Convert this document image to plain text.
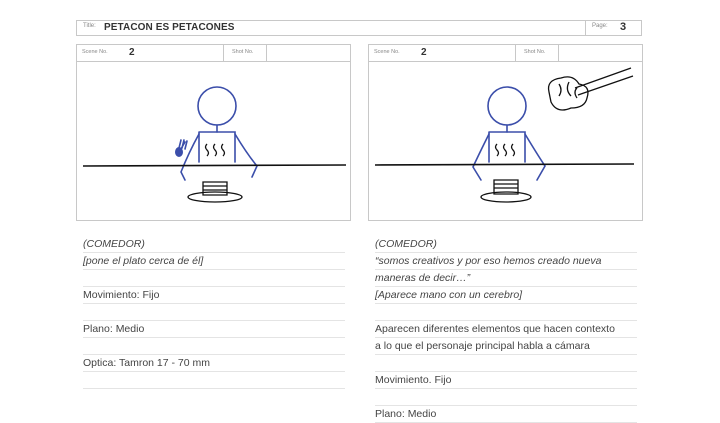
Title: PETACON ES PETACONES	Page: 3
Scene No. 2	Shot No.	Scene No. 2	Shot No.
(COMEDOR)
[pone el plato cerca de él]
Movimiento: Fijo
Plano: Medio
Optica: Tamron 17 - 70 mm
(COMEDOR)
“somos creativos y por eso hemos creado nueva
maneras de decir…”
[Aparece mano con un cerebro]
Aparecen diferentes elementos que hacen contexto
a lo que el personaje principal habla a cámara
Movimiento. Fijo
Plano: Medio
